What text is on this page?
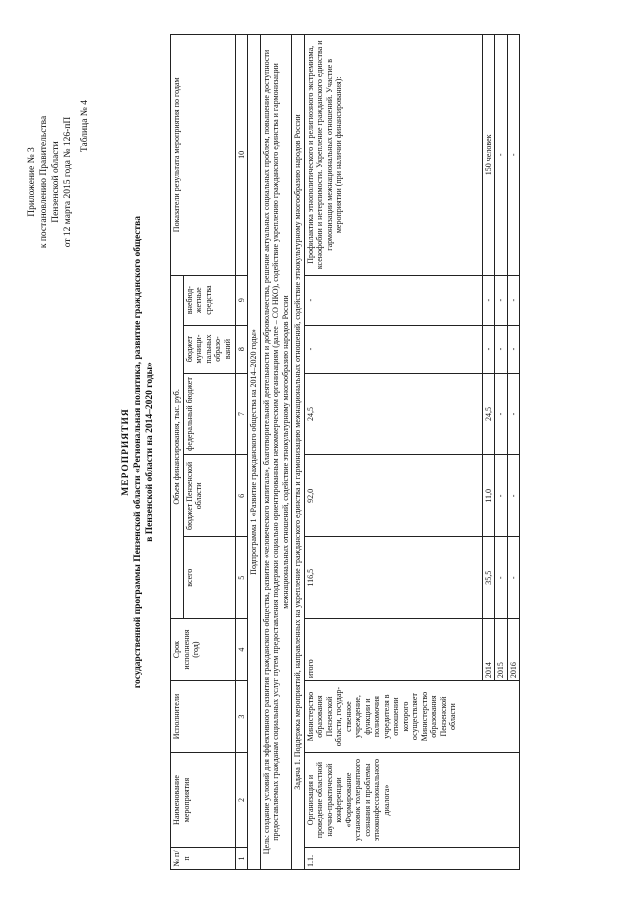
Приложение № 3 к постановлению Правительства Пензенской области от 12 марта 2015 года № 126-пП Таблица № 4
МЕРОПРИЯТИЯ государственной программы Пензенской области «Региональная политика, развитие гражданского общества в Пензенской области на 2014–2020 годы»
№ п/п	Наименование мероприятия	Исполнители	Срок исполнения (год)	Объем финансирования, тыс. руб.					Показатели результата мероприятия по годам
				всего	бюджет Пензенской области	федеральный бюджет	бюджет муници-пальных образо-ваний	внебюд-жетные средства	
1	2	3	4	5	6	7	8	9	10
Подпрограмма 1 «Развитие гражданского общества на 2014–2020 годы»									
Цель: создание условий для эффективного развития гражданского общества, развитие «человеческого капитала», благотворительной деятельности и добровольчества, решение актуальных социальных проблем, повышение доступности предоставляемых гражданам социальных услуг путем предоставления поддержки социально ориентированным некоммерческим организациям (далее – СО НКО), содействие укреплению гражданского единства и гармонизации межнациональных отношений, содействие этнокультурному многообразию народов России									
Задача 1. Поддержка мероприятий, направленных на укрепление гражданского единства и гармонизацию межнациональных отношений, содействие этнокультурному многообразию народов России									
1.1.	Организация и проведение областной научно-практической конференции «Формирование установок толерантного сознания и проблемы этноконфессионального диалога»	Министерство образования Пензенской области, государ-ственное учреждение, функции и полномочия учредителя в отношении которого осуществляет Министерство образования Пензенской области	итого	116,5	92,0	24,5	-	-	Профилактика этнополитического и религиозного экстремизма, ксенофобии и нетерпимости. Укрепление гражданского единства и гармонизации межнациональных отношений. Участие в мероприятии (при наличии финансирования):
			2014	35,5	11,0	24,5	-	-	150 человек
			2015	-	-	-	-	-	-
			2016	-	-	-	-	-	-
